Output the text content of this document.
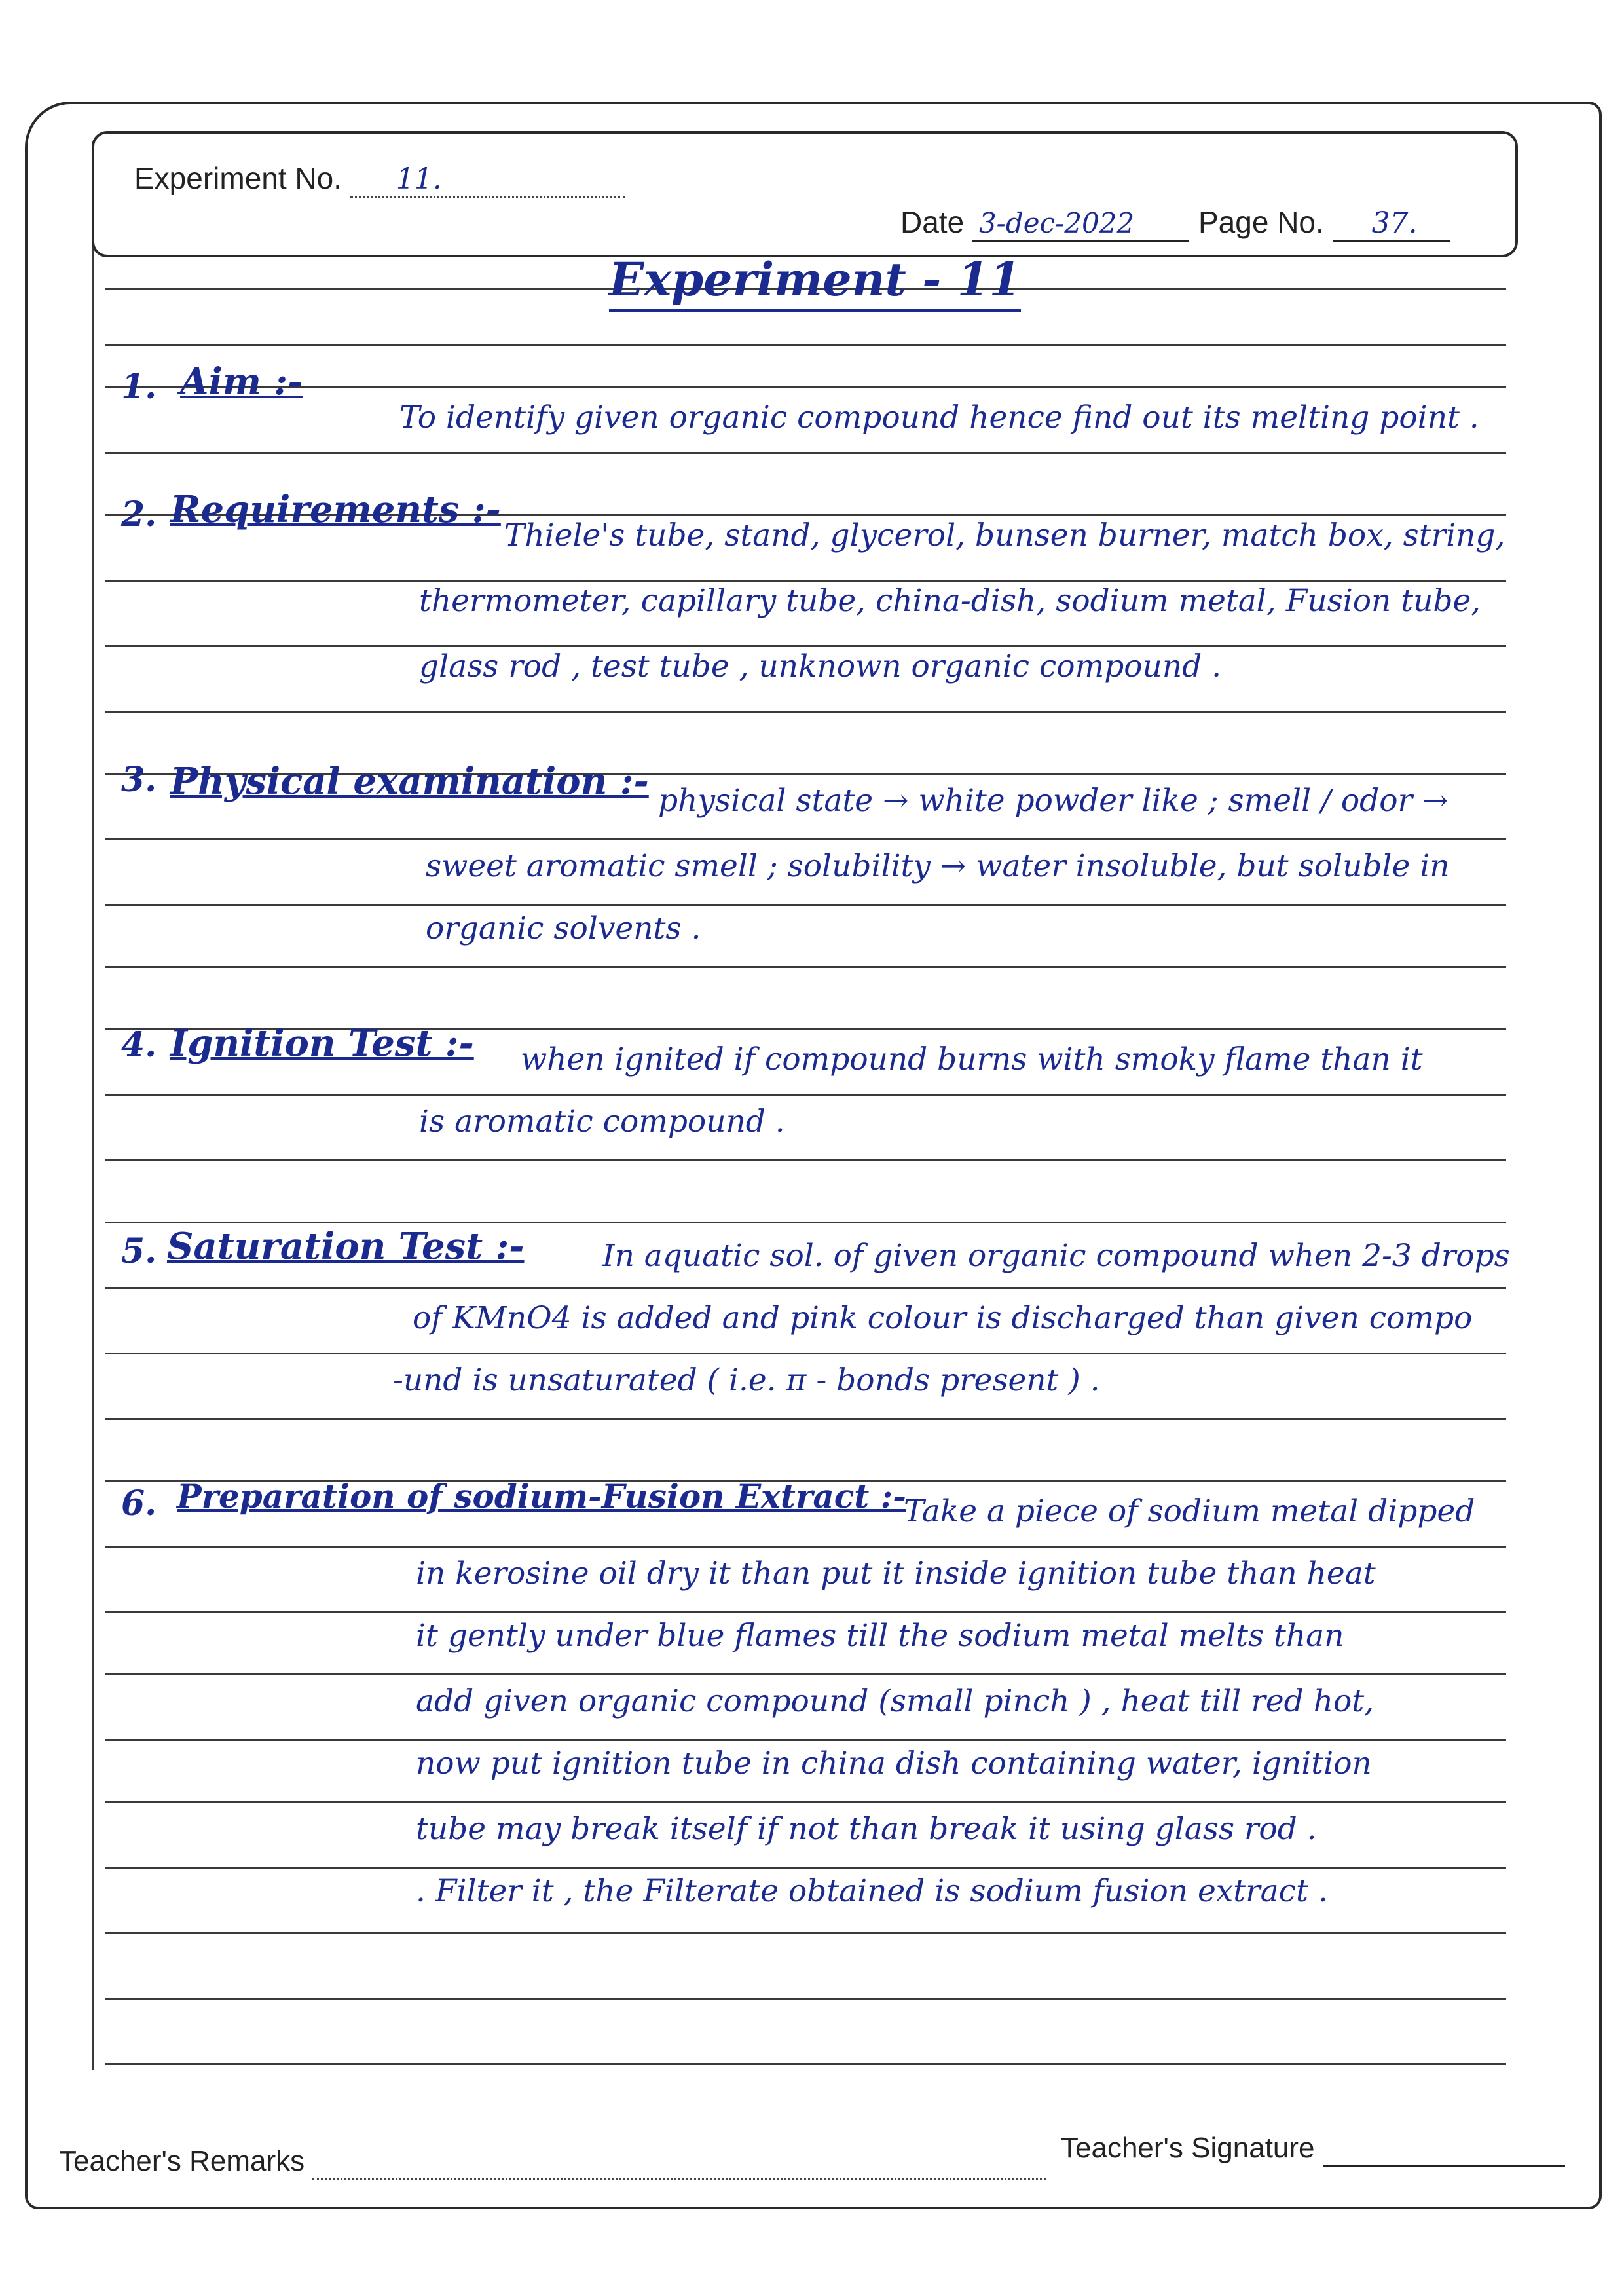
Experiment No. 11.
Date 3-dec-2022	Page No. 37.
Experiment - 11
1. Aim :-
To identify given organic compound hence find out its melting point .
2. Requirements :-
Thiele's tube, stand, glycerol, bunsen burner, match box, string,
thermometer, capillary tube, china-dish, sodium metal, Fusion tube,
glass rod , test tube , unknown organic compound .
3. Physical examination :- physical state → white powder like ; smell / odor →
sweet aromatic smell ; solubility → water insoluble, but soluble in
organic solvents .
4. Ignition Test :- when ignited if compound burns with smoky flame than it
is aromatic compound .
5. Saturation Test :-	In aquatic sol. of given organic compound when 2-3 drops
of KMnO4 is added and pink colour is discharged than given compo
-und is unsaturated ( i.e. π - bonds present ) .
6. Preparation of sodium-Fusion Extract :-
Take a piece of sodium metal dipped
in kerosine oil dry it than put it inside ignition tube than heat
it gently under blue flames till the sodium metal melts than
add given organic compound (small pinch ) , heat till red hot,
now put ignition tube in china dish containing water, ignition
tube may break itself if not than break it using glass rod .
. Filter it , the Filterate obtained is sodium fusion extract .
Teacher's Remarks	Teacher's Signature
